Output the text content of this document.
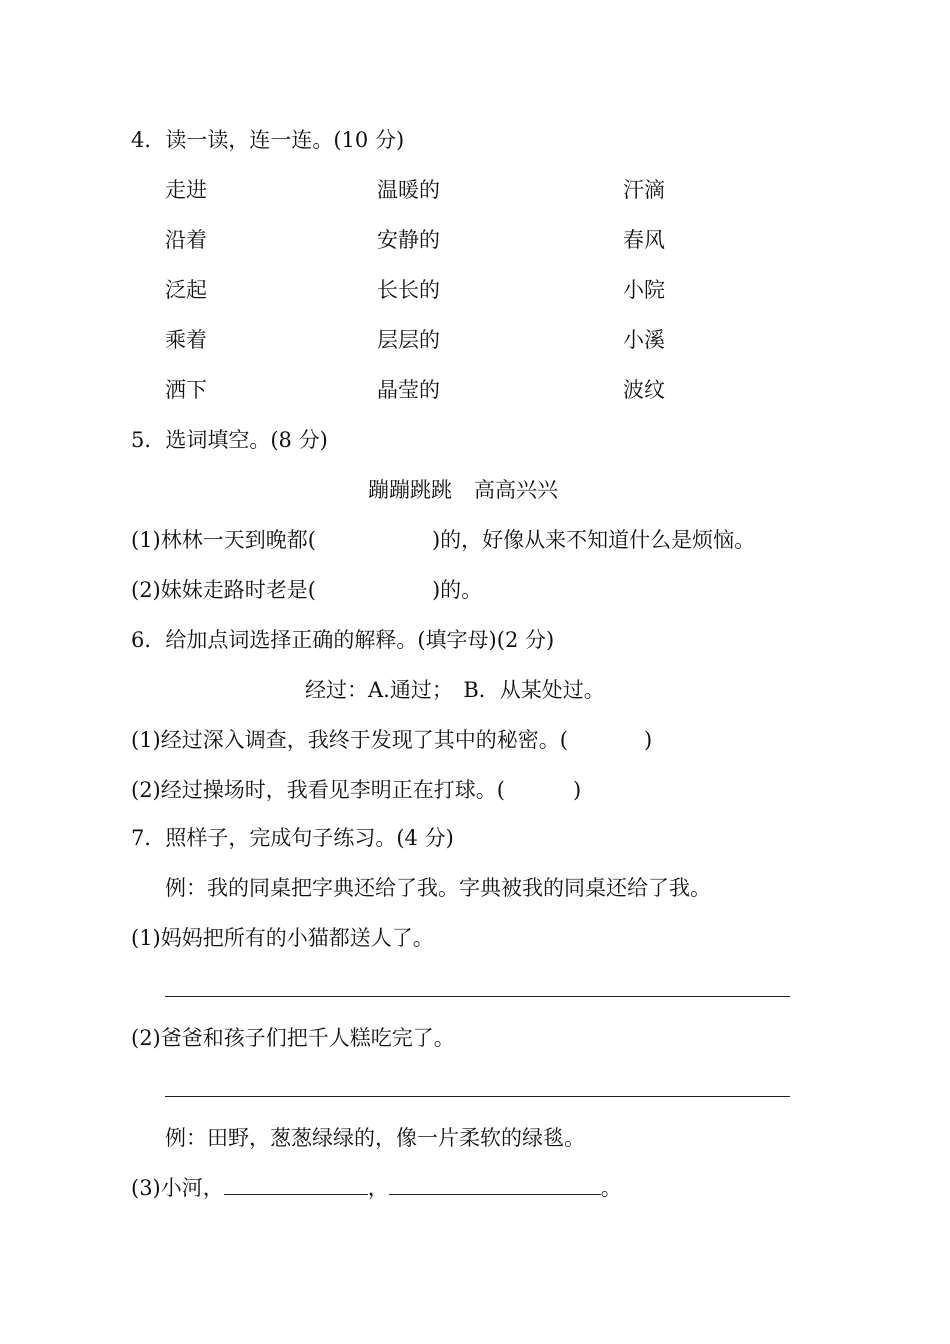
4．读一读，连一连。(10 分)
走进	温暖的	汗滴
沿着	安静的	春风
泛起	长长的	小院
乘着	层层的	小溪
洒下	晶莹的	波纹
5．选词填空。(8 分)
蹦蹦跳跳 高高兴兴
(1)林林一天到晚都(	)的，好像从来不知道什么是烦恼。
(2)妹妹走路时老是(	)的。
6．给加点词选择正确的解释。(填字母)(2 分)
经过：A.通过；　B．从某处过。
(1)经过深入调查，我终于发现了其中的秘密。(	)
(2)经过操场时，我看见李明正在打球。(	)
7．照样子，完成句子练习。(4 分)
例：我的同桌把字典还给了我。字典被我的同桌还给了我。
(1)妈妈把所有的小猫都送人了。
(2)爸爸和孩子们把千人糕吃完了。
例：田野，葱葱绿绿的，像一片柔软的绿毯。
(3)小河，	，	。
